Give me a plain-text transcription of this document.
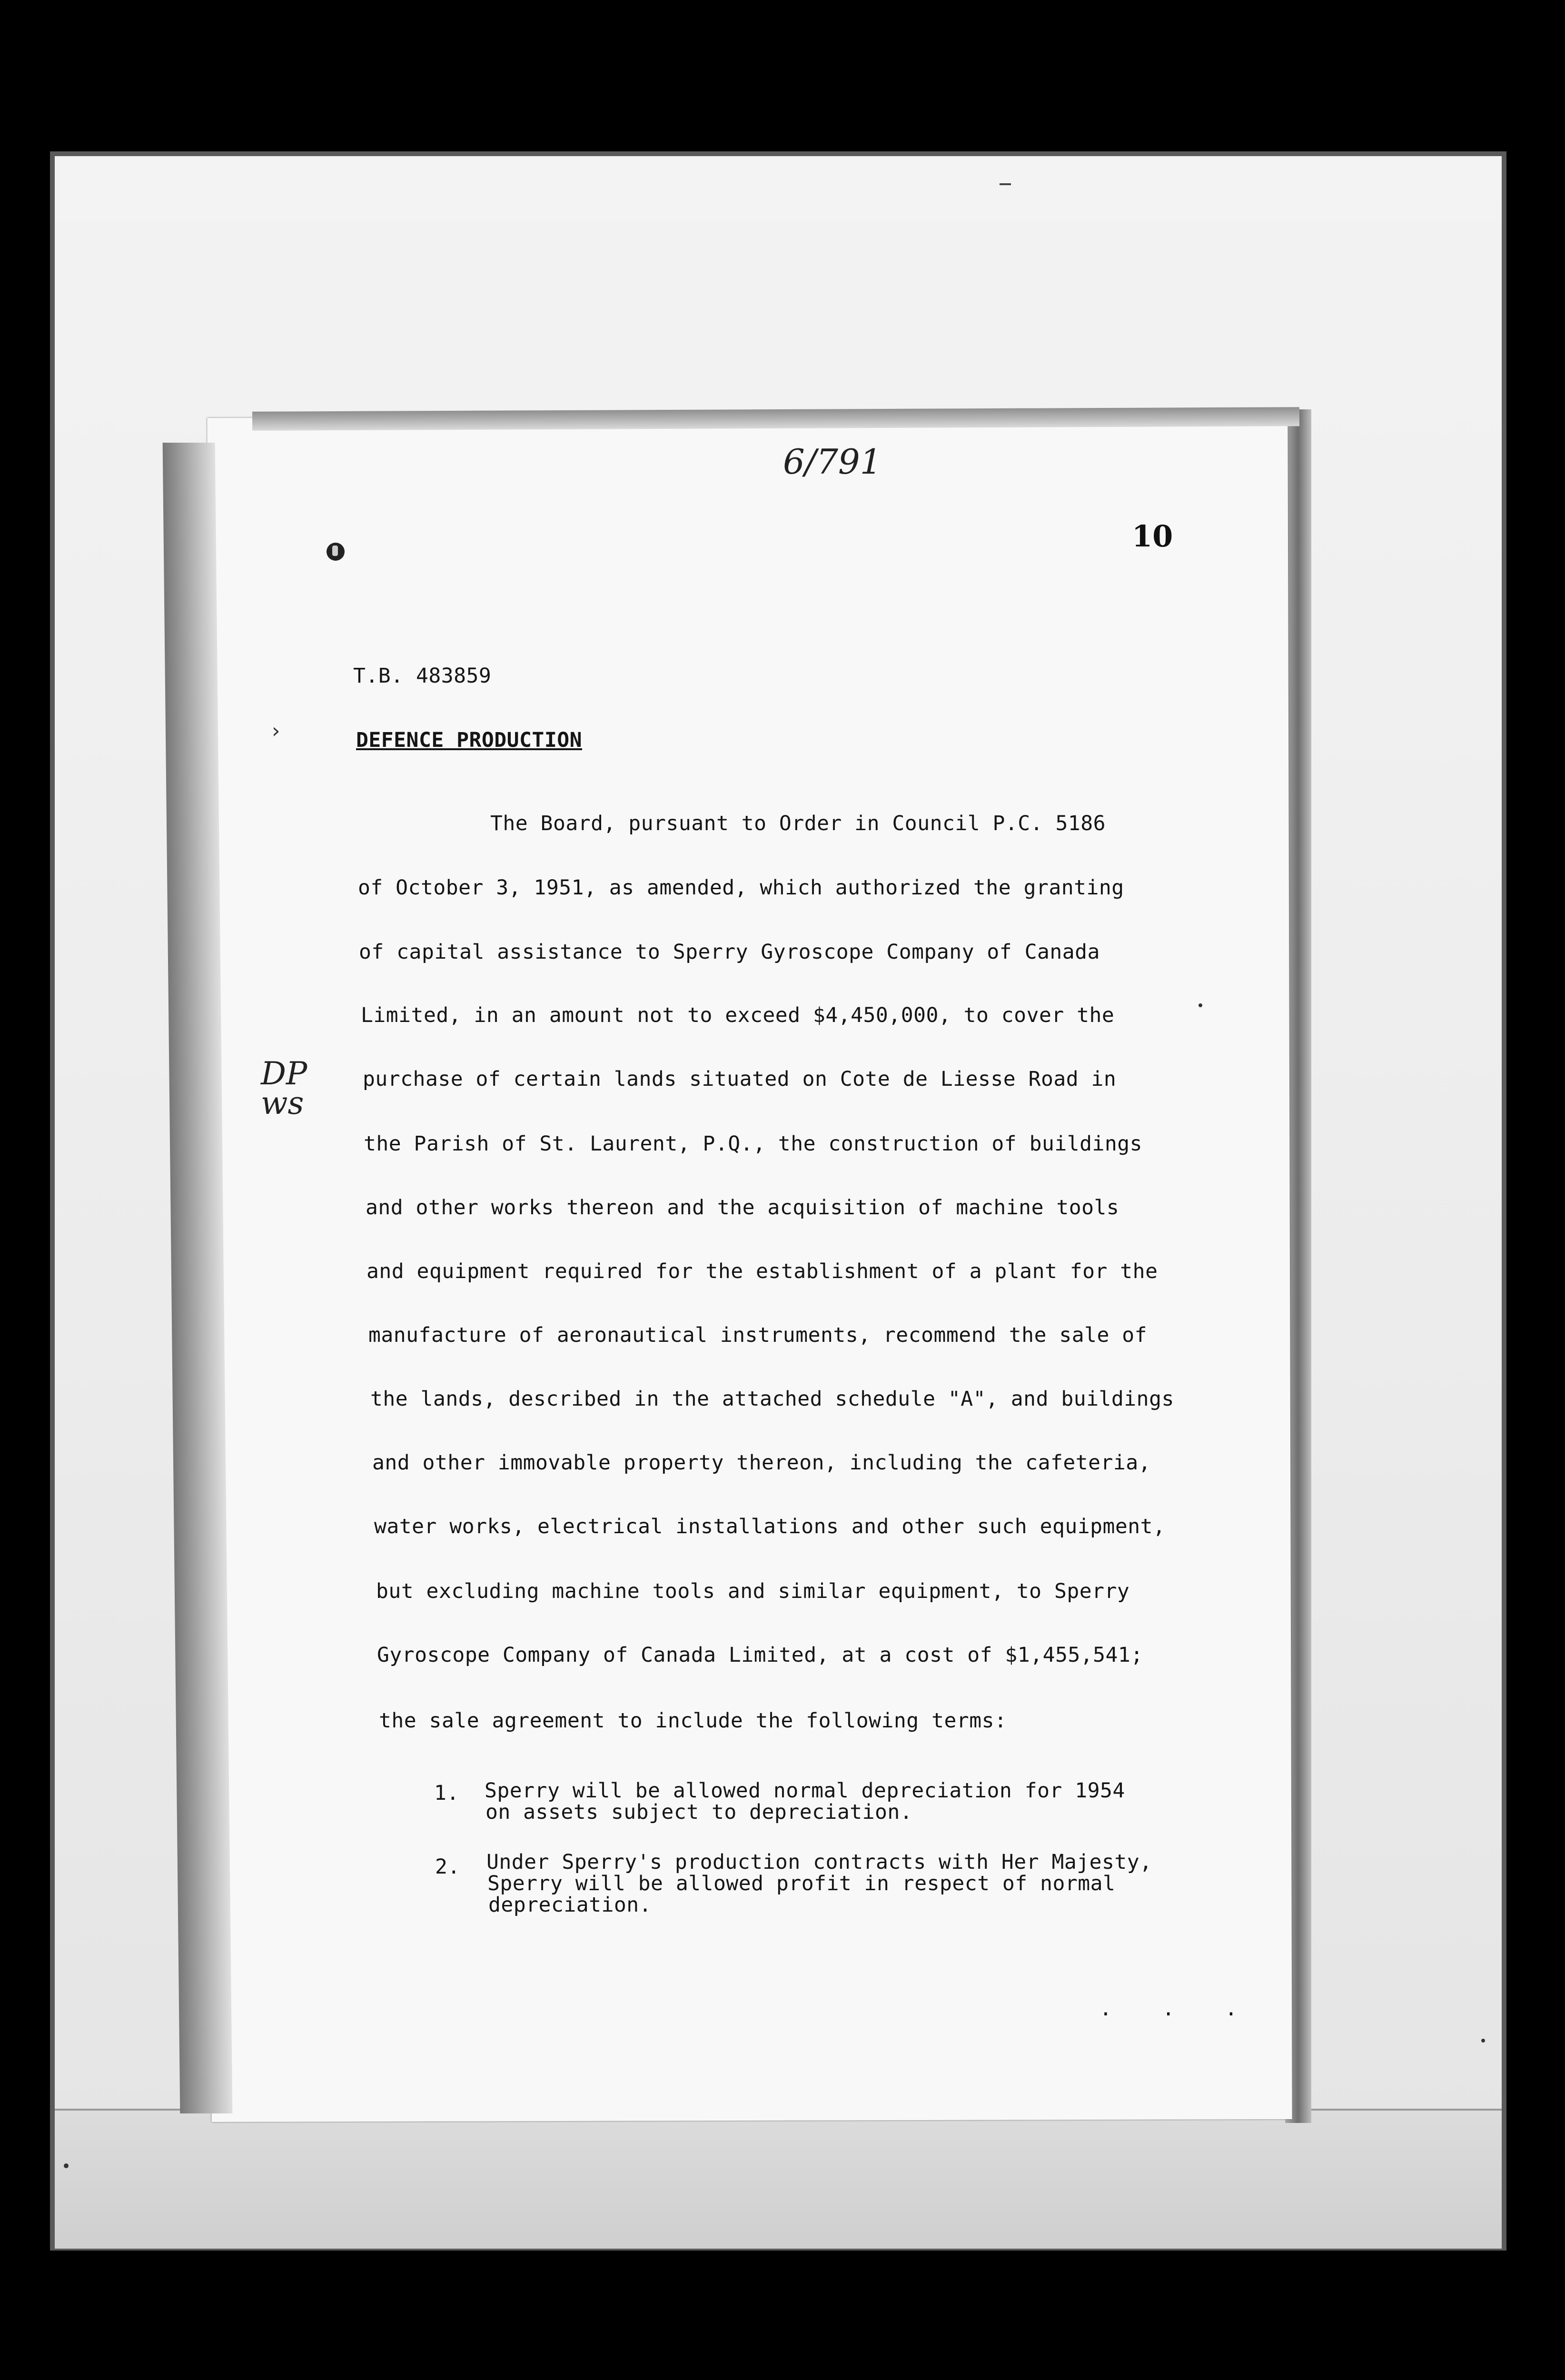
6/791
10
T.B. 483859
›	DEFENCE PRODUCTION
DP
ws

The Board, pursuant to Order in Council P.C. 5186

of October 3, 1951, as amended, which authorized the granting

of capital assistance to Sperry Gyroscope Company of Canada

Limited, in an amount not to exceed $4,450,000, to cover the

purchase of certain lands situated on Cote de Liesse Road in

the Parish of St. Laurent, P.Q., the construction of buildings

and other works thereon and the acquisition of machine tools

and equipment required for the establishment of a plant for the

manufacture of aeronautical instruments, recommend the sale of

the lands, described in the attached schedule "A", and buildings

and other immovable property thereon, including the cafeteria,

water works, electrical installations and other such equipment,

but excluding machine tools and similar equipment, to Sperry

Gyroscope Company of Canada Limited, at a cost of $1,455,541;

the sale agreement to include the following terms:

1.

Sperry will be allowed normal depreciation for 1954

on assets subject to depreciation.

2.

Under Sperry's production contracts with Her Majesty,

Sperry will be allowed profit in respect of normal

depreciation.

. . .
